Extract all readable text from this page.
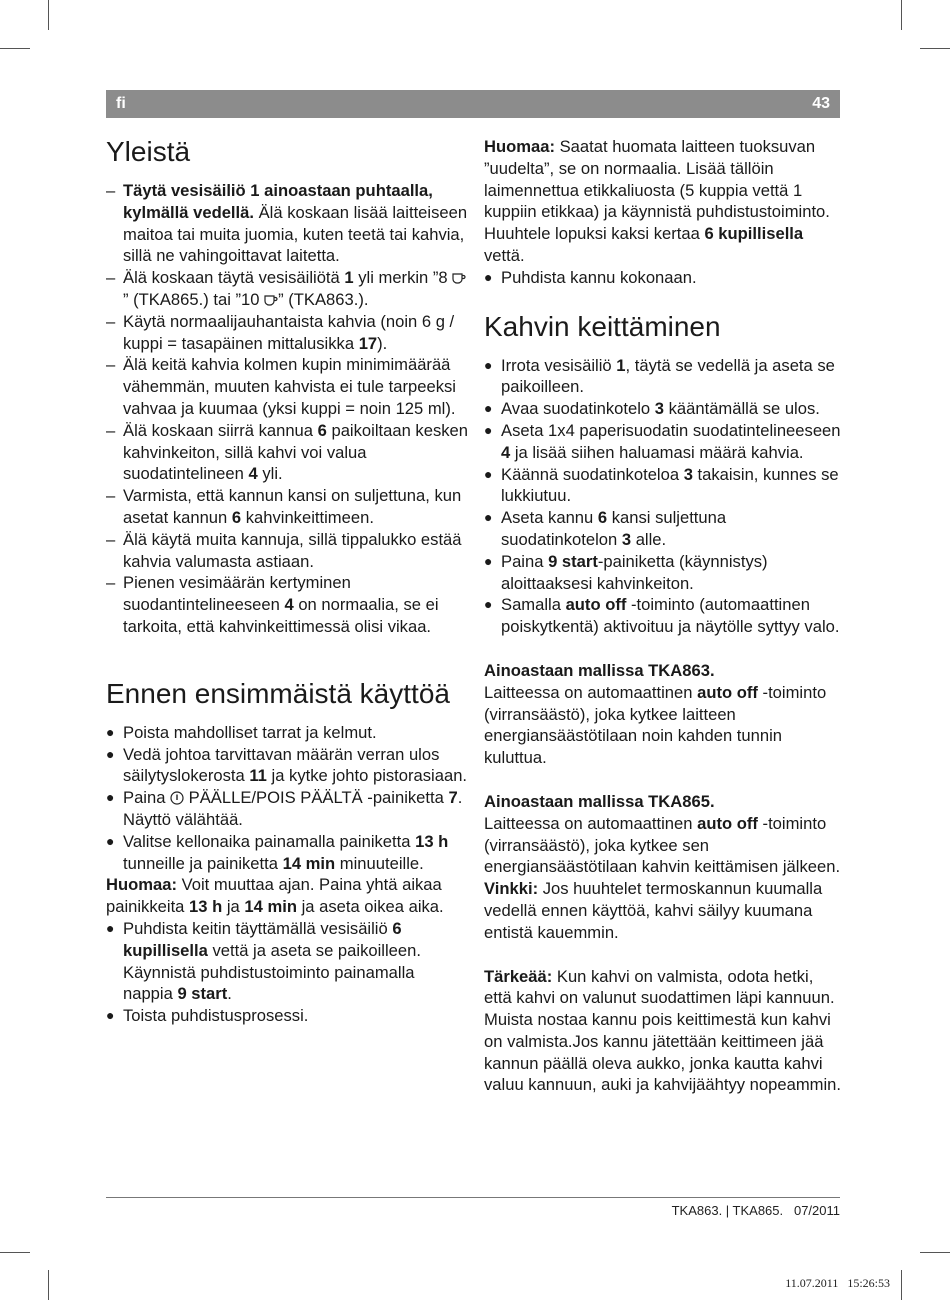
fi	43
Yleistä
– Täytä vesisäiliö 1 ainoastaan puhtaalla, kylmällä vedellä. Älä koskaan lisää laitteiseen maitoa tai muita juomia, kuten teetä tai kahvia, sillä ne vahingoittavat laitetta.
– Älä koskaan täytä vesisäiliötä 1 yli merkin ”8
” (TKA865.) tai ”10
” (TKA863.).
– Käytä normaalijauhantaista kahvia (noin 6 g / kuppi = tasapäinen mittalusikka 17).
– Älä keitä kahvia kolmen kupin minimimäärää vähemmän, muuten kahvista ei tule tarpeeksi vahvaa ja kuumaa (yksi kuppi = noin 125 ml).
– Älä koskaan siirrä kannua 6 paikoiltaan kesken kahvinkeiton, sillä kahvi voi valua suodatintelineen 4 yli.
– Varmista, että kannun kansi on suljettuna, kun asetat kannun 6 kahvinkeittimeen.
– Älä käytä muita kannuja, sillä tippalukko estää kahvia valumasta astiaan.
– Pienen vesimäärän kertyminen suodantintelineeseen 4 on normaalia, se ei tarkoita, että kahvinkeittimessä olisi vikaa.
Ennen ensimmäistä käyttöä
● Poista mahdolliset tarrat ja kelmut.
● Vedä johtoa tarvittavan määrän verran ulos säilytyslokerosta 11 ja kytke johto pistorasiaan.
● Paina  PÄÄLLE/POIS PÄÄLTÄ -painiketta 7. Näyttö välähtää.
● Valitse kellonaika painamalla painiketta 13 h tunneille ja painiketta 14 min minuuteille.
Huomaa: Voit muuttaa ajan. Paina yhtä aikaa painikkeita 13 h ja 14 min ja aseta oikea aika.
● Puhdista keitin täyttämällä vesisäiliö 6 kupillisella vettä ja aseta se paikoilleen. Käynnistä puhdistustoiminto painamalla nappia 9 start.
● Toista puhdistusprosessi.
Huomaa: Saatat huomata laitteen tuoksuvan ”uudelta”, se on normaalia. Lisää tällöin laimennettua etikkaliuosta (5 kuppia vettä 1 kuppiin etikkaa) ja käynnistä puhdistustoiminto. Huuhtele lopuksi kaksi kertaa 6 kupillisella vettä.
● Puhdista kannu kokonaan.
Kahvin keittäminen
● Irrota vesisäiliö 1, täytä se vedellä ja aseta se paikoilleen.
● Avaa suodatinkotelo 3 kääntämällä se ulos.
● Aseta 1x4 paperisuodatin suodatintelineeseen 4 ja lisää siihen haluamasi määrä kahvia.
● Käännä suodatinkoteloa 3 takaisin, kunnes se lukkiutuu.
● Aseta kannu 6 kansi suljettuna suodatinkotelon 3 alle.
● Paina 9 start-painiketta (käynnistys) aloittaaksesi kahvinkeiton.
● Samalla auto off -toiminto (automaattinen poiskytkentä) aktivoituu ja näytölle syttyy valo.
Ainoastaan mallissa TKA863.
Laitteessa on automaattinen auto off -toiminto (virransäästö), joka kytkee laitteen energiansäästötilaan noin kahden tunnin kuluttua.
Ainoastaan mallissa TKA865.
Laitteessa on automaattinen auto off -toiminto (virransäästö), joka kytkee sen energiansäästötilaan kahvin keittämisen jälkeen.
Vinkki: Jos huuhtelet termoskannun kuumalla vedellä ennen käyttöä, kahvi säilyy kuumana entistä kauemmin.
Tärkeää: Kun kahvi on valmista, odota hetki, että kahvi on valunut suodattimen läpi kannuun. Muista nostaa kannu pois keittimestä kun kahvi on valmista.Jos kannu jätettään keittimeen jää kannun päällä oleva aukko, jonka kautta kahvi valuu kannuun, auki ja kahvijäähtyy nopeammin.
TKA863. | TKA865.   07/2011
11.07.2011   15:26:53
